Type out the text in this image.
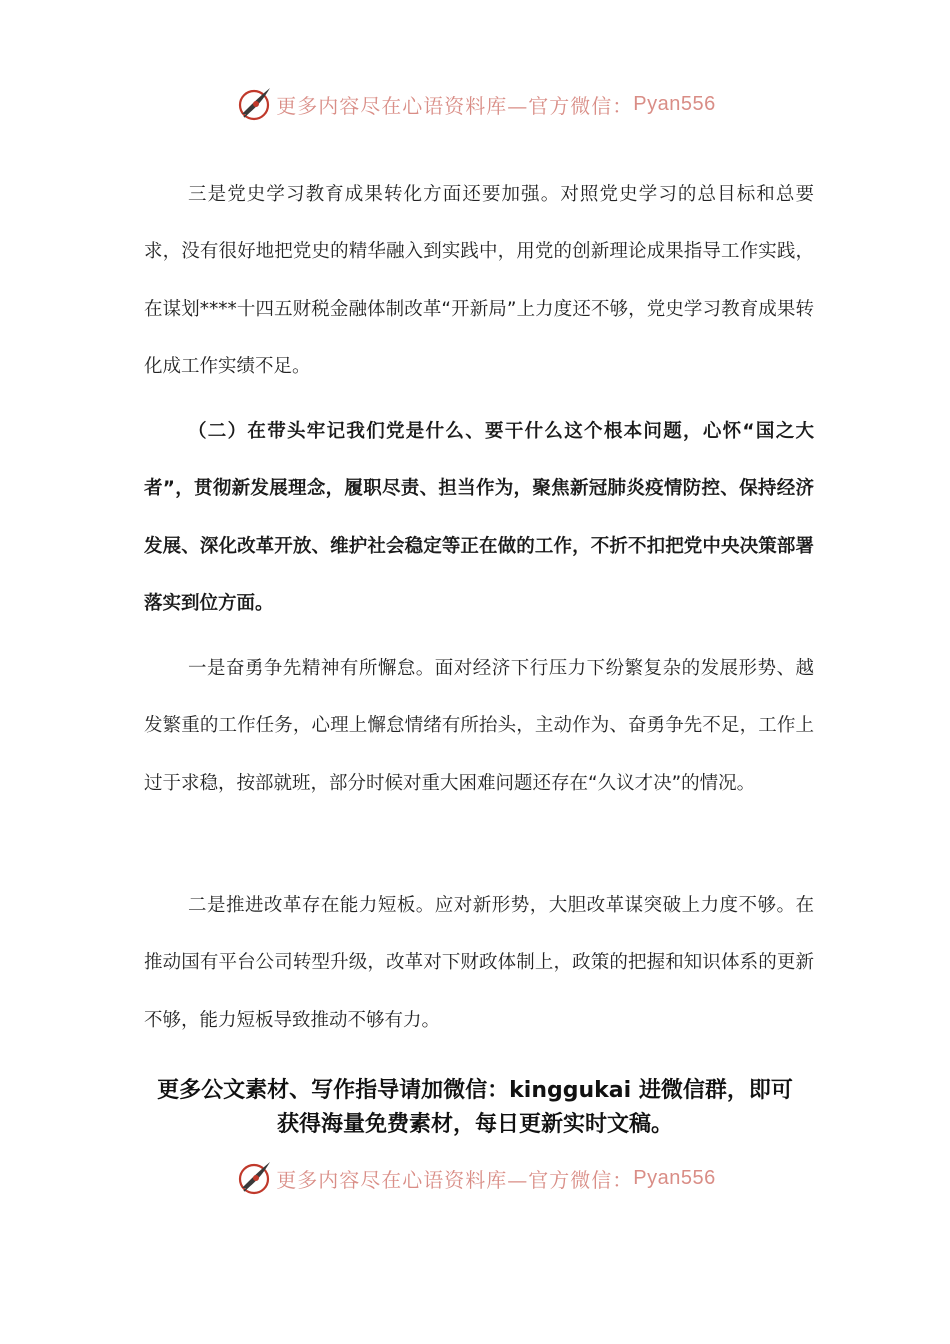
更多内容尽在心语资料库—官方微信： Pyan556
三是党史学习教育成果转化方面还要加强。对照党史学习的总目标和总要求，没有很好地把党史的精华融入到实践中，用党的创新理论成果指导工作实践，在谋划****十四五财税金融体制改革“开新局”上力度还不够，党史学习教育成果转化成工作实绩不足。
（二）在带头牢记我们党是什么、要干什么这个根本问题，心怀“国之大者”，贯彻新发展理念，履职尽责、担当作为，聚焦新冠肺炎疫情防控、保持经济发展、深化改革开放、维护社会稳定等正在做的工作，不折不扣把党中央决策部署落实到位方面。
一是奋勇争先精神有所懈怠。面对经济下行压力下纷繁复杂的发展形势、越发繁重的工作任务，心理上懈怠情绪有所抬头，主动作为、奋勇争先不足，工作上过于求稳，按部就班，部分时候对重大困难问题还存在“久议才决”的情况。
二是推进改革存在能力短板。应对新形势，大胆改革谋突破上力度不够。在推动国有平台公司转型升级，改革对下财政体制上，政策的把握和知识体系的更新不够，能力短板导致推动不够有力。
更多公文素材、写作指导请加微信：kinggukai 进微信群，即可
获得海量免费素材，每日更新实时文稿。
更多内容尽在心语资料库—官方微信： Pyan556
